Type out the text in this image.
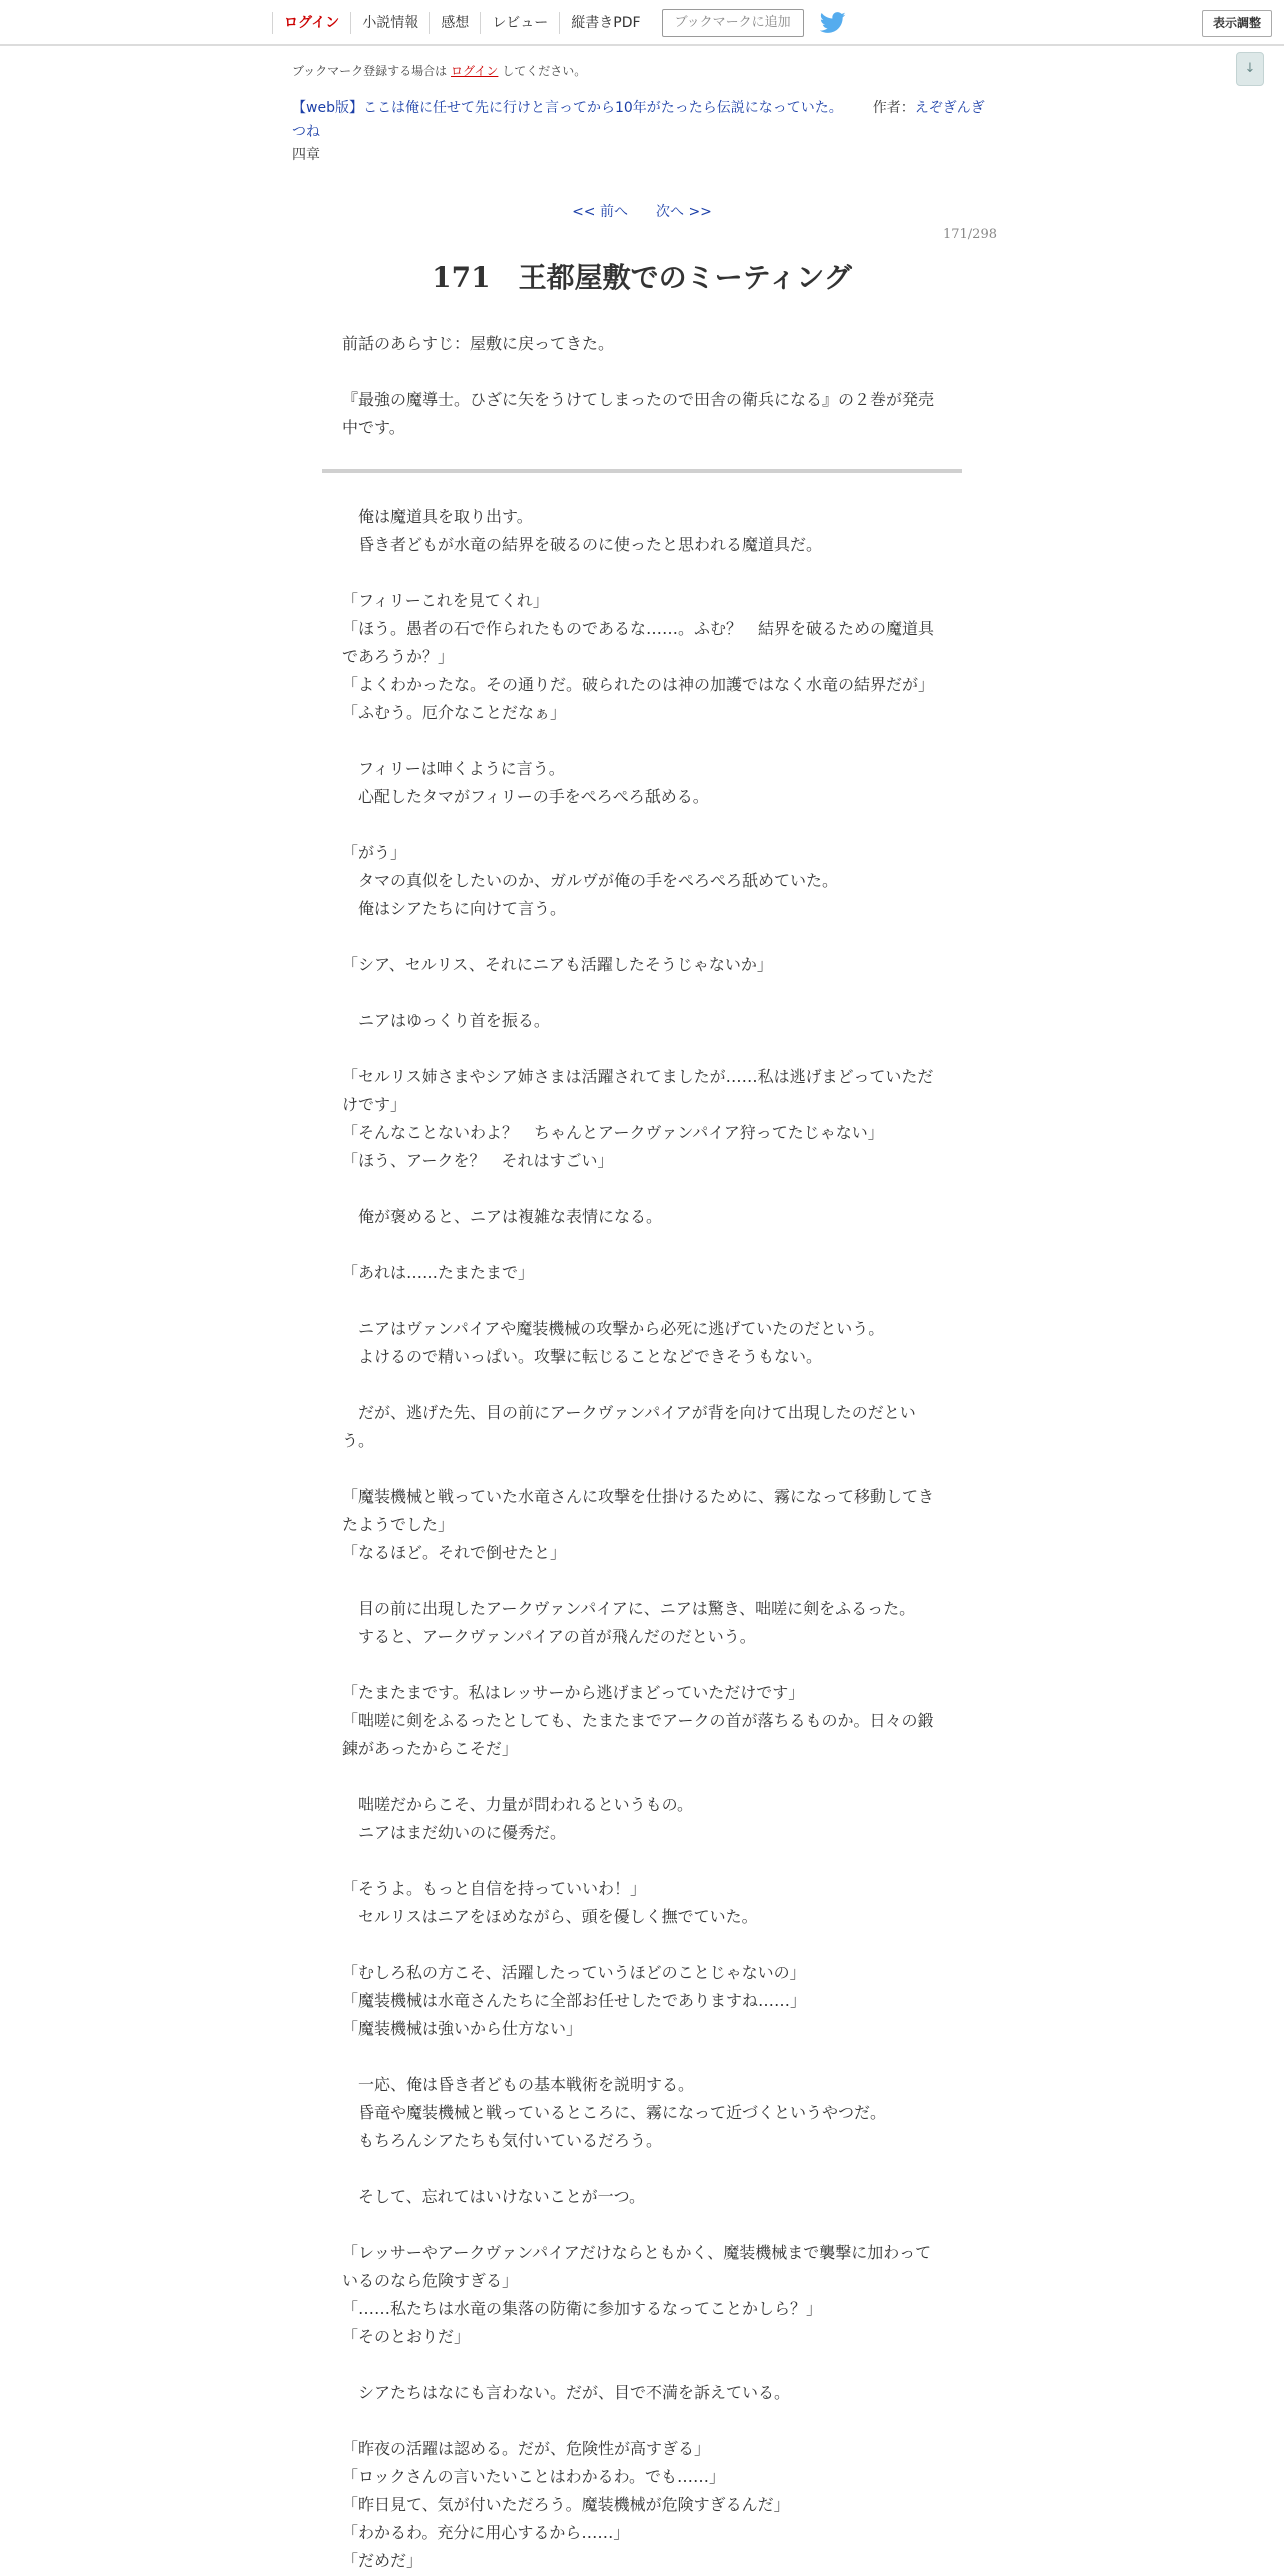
ログイン	小説情報	感想	レビュー	縦書きPDF	ブックマークに追加	表示調整
↓
ブックマーク登録する場合は ログイン してください。
【web版】ここは俺に任せて先に行けと言ってから10年がたったら伝説になっていた。 作者：えぞぎんぎつね
四章
<< 前へ 次へ >>
171/298
171　王都屋敷でのミーティング

前話のあらすじ：屋敷に戻ってきた。

『最強の魔導士。ひざに矢をうけてしまったので田舎の衛兵になる』の２巻が発売中です。

　俺は魔道具を取り出す。

　昏き者どもが水竜の結界を破るのに使ったと思われる魔道具だ。

「フィリーこれを見てくれ」

「ほう。愚者の石で作られたものであるな……。ふむ？　結界を破るための魔道具であろうか？」

「よくわかったな。その通りだ。破られたのは神の加護ではなく水竜の結界だが」

「ふむう。厄介なことだなぁ」

　フィリーは呻くように言う。

　心配したタマがフィリーの手をぺろぺろ舐める。

「がう」

　タマの真似をしたいのか、ガルヴが俺の手をぺろぺろ舐めていた。

　俺はシアたちに向けて言う。

「シア、セルリス、それにニアも活躍したそうじゃないか」

　ニアはゆっくり首を振る。

「セルリス姉さまやシア姉さまは活躍されてましたが……私は逃げまどっていただけです」

「そんなことないわよ？　ちゃんとアークヴァンパイア狩ってたじゃない」

「ほう、アークを？　それはすごい」

　俺が褒めると、ニアは複雑な表情になる。

「あれは……たまたまで」

　ニアはヴァンパイアや魔装機械の攻撃から必死に逃げていたのだという。

　よけるので精いっぱい。攻撃に転じることなどできそうもない。

　だが、逃げた先、目の前にアークヴァンパイアが背を向けて出現したのだという。

「魔装機械と戦っていた水竜さんに攻撃を仕掛けるために、霧になって移動してきたようでした」

「なるほど。それで倒せたと」

　目の前に出現したアークヴァンパイアに、ニアは驚き、咄嗟に剣をふるった。

　すると、アークヴァンパイアの首が飛んだのだという。

「たまたまです。私はレッサーから逃げまどっていただけです」

「咄嗟に剣をふるったとしても、たまたまでアークの首が落ちるものか。日々の鍛錬があったからこそだ」

　咄嗟だからこそ、力量が問われるというもの。

　ニアはまだ幼いのに優秀だ。

「そうよ。もっと自信を持っていいわ！」

　セルリスはニアをほめながら、頭を優しく撫でていた。

「むしろ私の方こそ、活躍したっていうほどのことじゃないの」

「魔装機械は水竜さんたちに全部お任せしたでありますね……」

「魔装機械は強いから仕方ない」

　一応、俺は昏き者どもの基本戦術を説明する。

　昏竜や魔装機械と戦っているところに、霧になって近づくというやつだ。

　もちろんシアたちも気付いているだろう。

　そして、忘れてはいけないことが一つ。

「レッサーやアークヴァンパイアだけならともかく、魔装機械まで襲撃に加わっているのなら危険すぎる」

「……私たちは水竜の集落の防衛に参加するなってことかしら？」

「そのとおりだ」

　シアたちはなにも言わない。だが、目で不満を訴えている。

「昨夜の活躍は認める。だが、危険性が高すぎる」

「ロックさんの言いたいことはわかるわ。でも……」

「昨日見て、気が付いただろう。魔装機械が危険すぎるんだ」

「わかるわ。充分に用心するから……」

「だめだ」
